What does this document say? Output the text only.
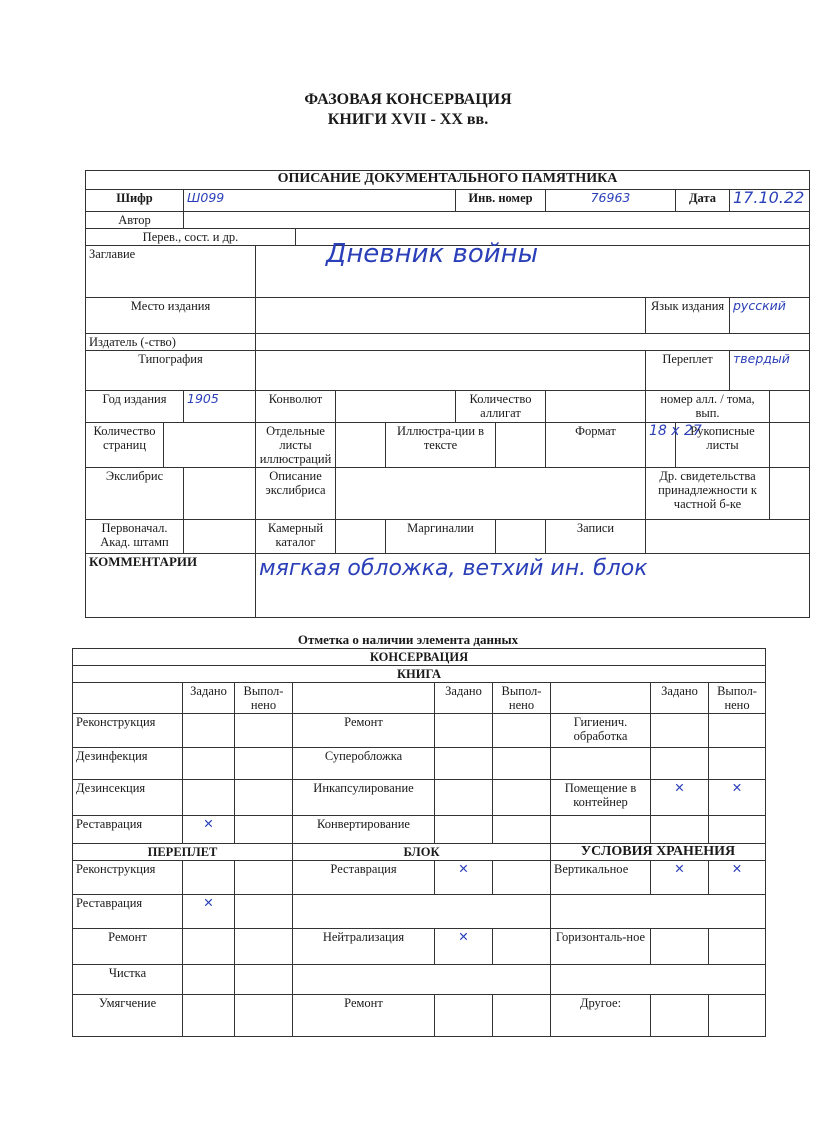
ФАЗОВАЯ КОНСЕРВАЦИЯ
КНИГИ XVII - XX вв.
ОПИСАНИЕ ДОКУМЕНТАЛЬНОГО ПАМЯТНИКА													
Шифр		Ш099					Инв. номер		76963		Дата	17.10.22	
Автор													
Перев., сост. и др.													
Заглавие			Дневник войны										
Место издания										Язык издания		русский	
Издатель (-ство)													
Типография										Переплет		твердый	
Год издания		1905	Конволют				Количество аллигат			номер алл. / тома, вып.			
Количество страниц			Отдельные листы иллюстраций			Иллюстра-ции в тексте			Формат	18 x 27	Рукописные листы		
Экслибрис			Описание экслибриса							Др. свидетельства принадлежности к частной б-ке			
Первоначал. Акад. штамп			Камерный каталог			Маргиналии			Записи				
КОММЕНТАРИИ			мягкая обложка, ветхий ин. блок										
Отметка о наличии элемента данных
КОНСЕРВАЦИЯ								
КНИГА								
	Задано	Выпол-нено		Задано	Выпол-нено		Задано	Выпол-нено
Реконструкция			Ремонт			Гигиенич. обработка		
Дезинфекция			Суперобложка					
Дезинсекция			Инкапсулирование			Помещение в контейнер	✕	✕
Реставрация	✕		Конвертирование					
ПЕРЕПЛЕТ			БЛОК			УСЛОВИЯ ХРАНЕНИЯ		
Реконструкция			Реставрация	✕		Вертикальное	✕	✕
Реставрация	✕							
Ремонт			Нейтрализация	✕		Горизонталь-ное		
Чистка								
Умягчение			Ремонт			Другое:		
